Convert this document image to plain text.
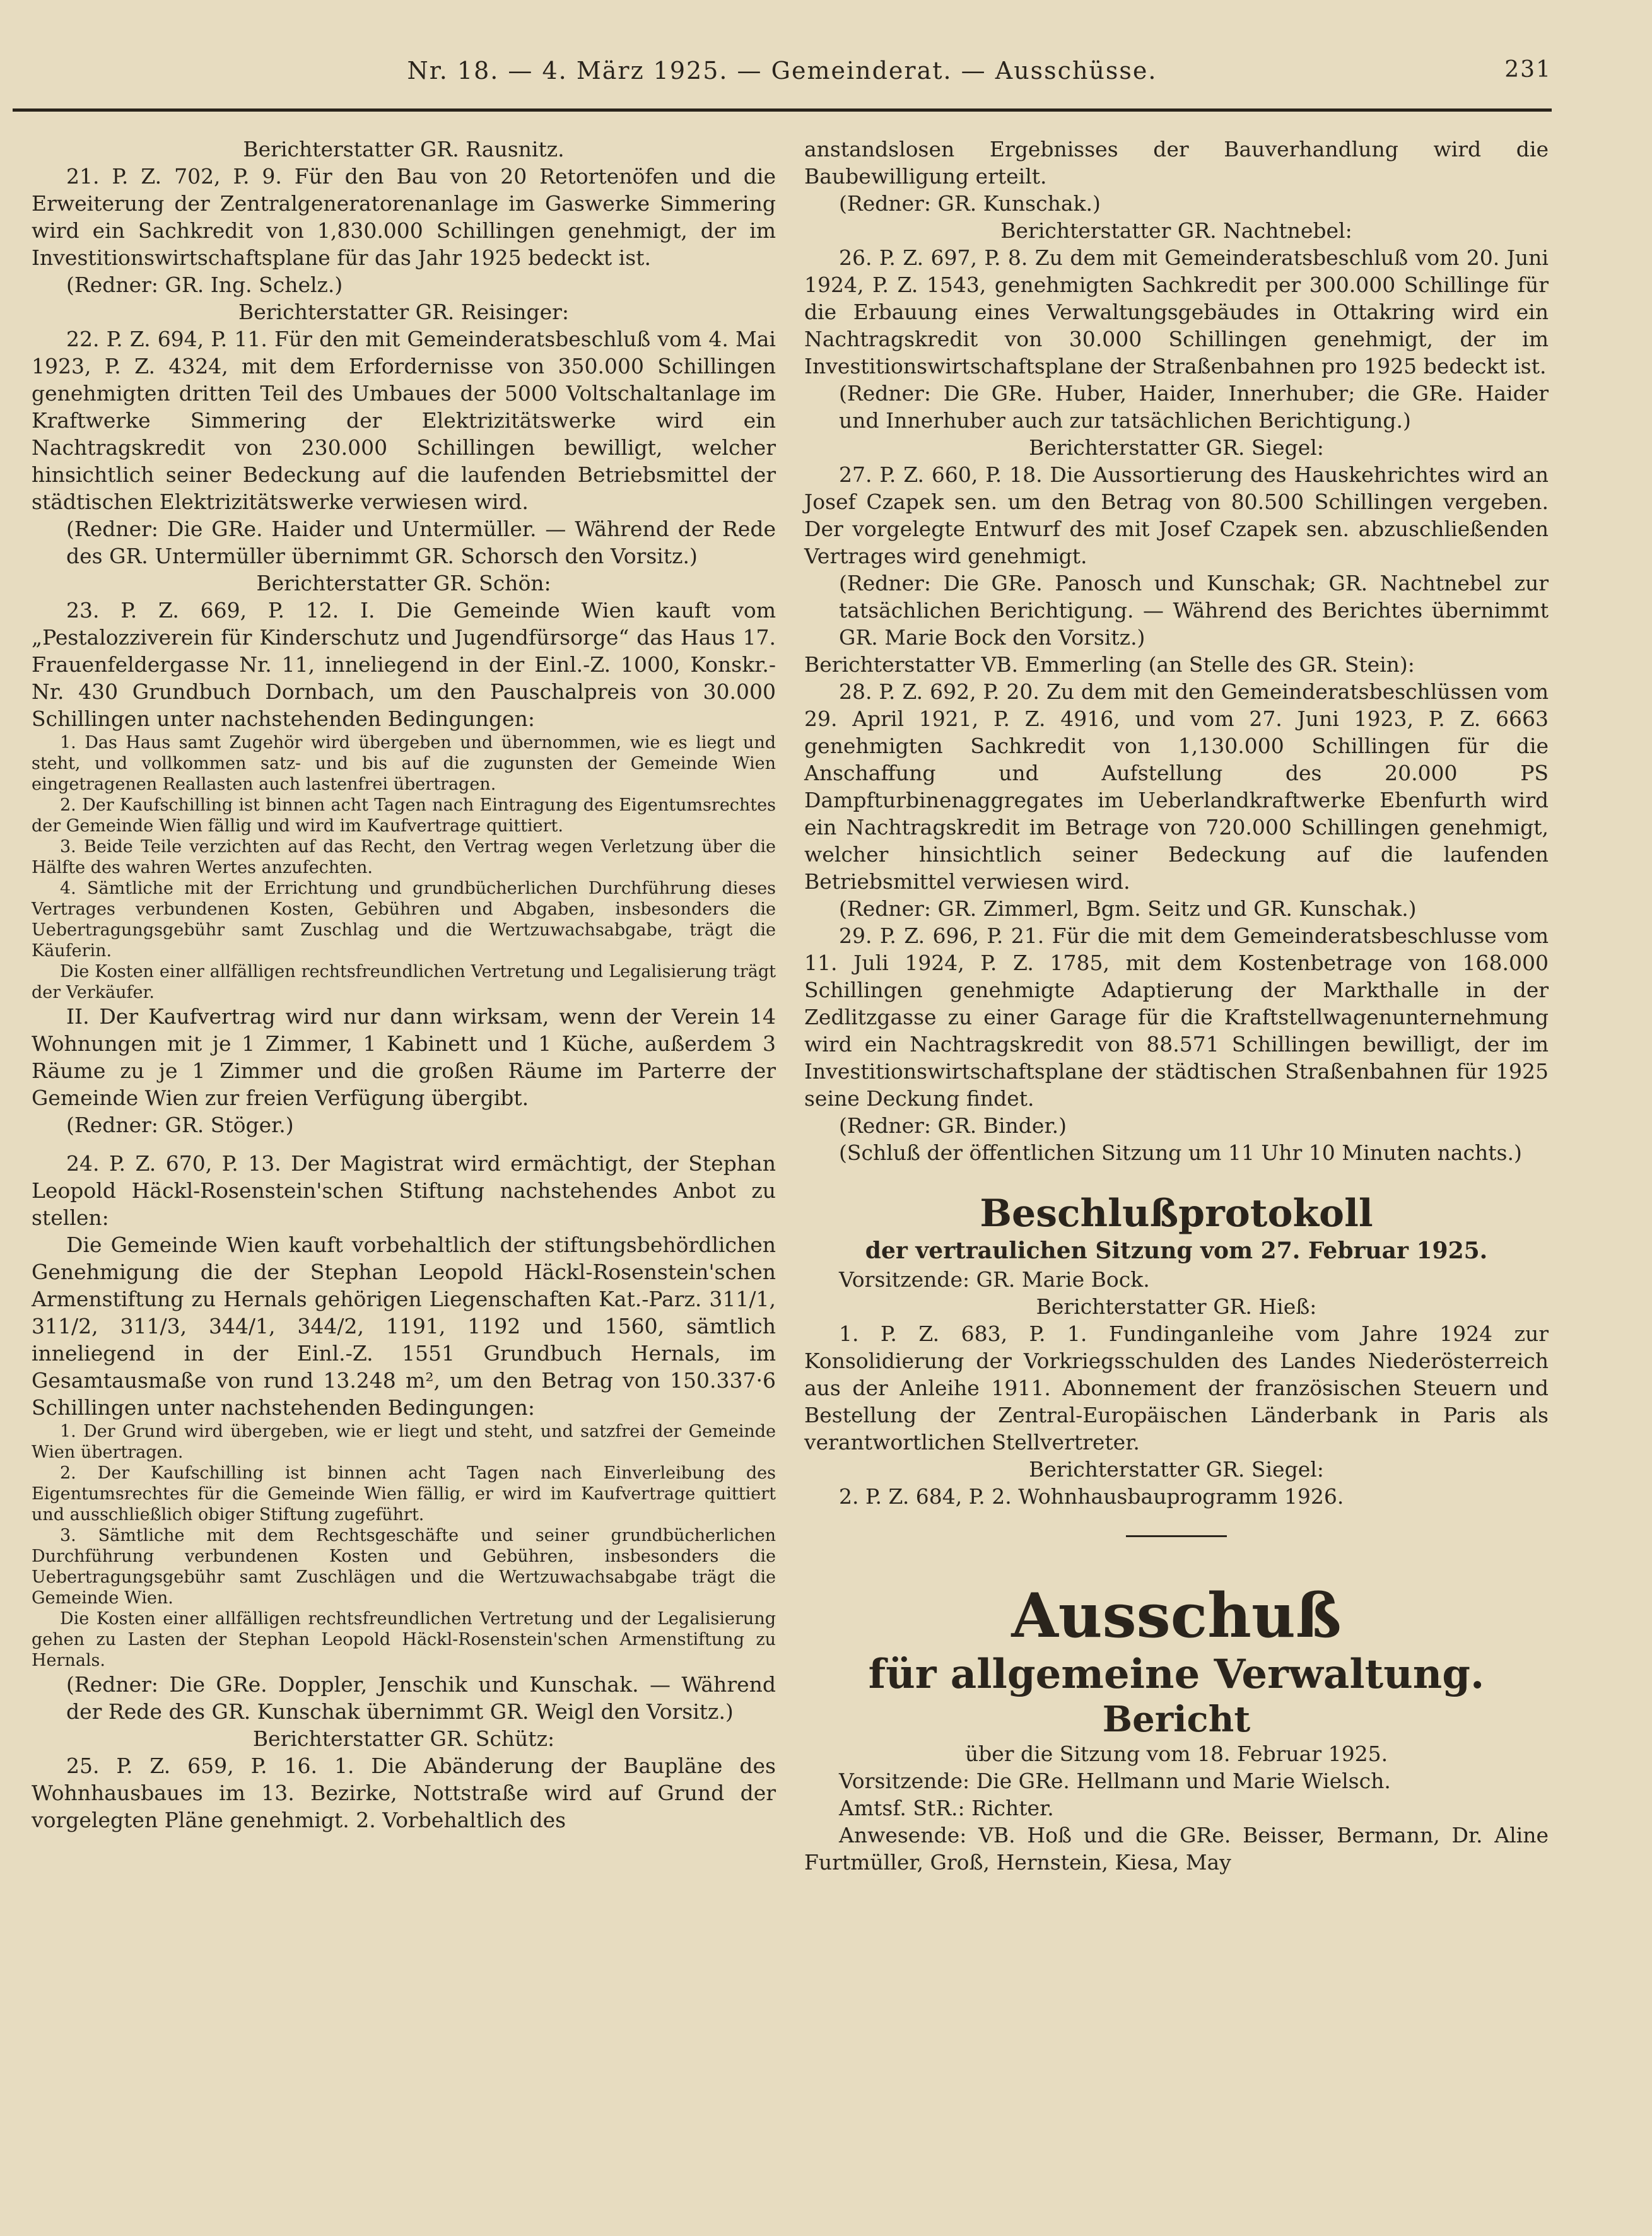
Nr. 18. — 4. März 1925. — Gemeinderat. — Ausschüsse.	231

Berichterstatter GR. Rausnitz.

21. P. Z. 702, P. 9. Für den Bau von 20 Retortenöfen und die Erweiterung der Zentralgeneratorenanlage im Gaswerke Simmering wird ein Sachkredit von 1,830.000 Schillingen genehmigt, der im Investitionswirtschaftsplane für das Jahr 1925 bedeckt ist.

(Redner: GR. Ing. Schelz.)

Berichterstatter GR. Reisinger:

22. P. Z. 694, P. 11. Für den mit Gemeinderatsbeschluß vom 4. Mai 1923, P. Z. 4324, mit dem Erfordernisse von 350.000 Schillingen genehmigten dritten Teil des Umbaues der 5000 Voltschaltanlage im Kraftwerke Simmering der Elektrizitätswerke wird ein Nachtragskredit von 230.000 Schillingen bewilligt, welcher hinsichtlich seiner Bedeckung auf die laufenden Betriebsmittel der städtischen Elektrizitätswerke verwiesen wird.

(Redner: Die GRe. Haider und Untermüller. — Während der Rede des GR. Untermüller übernimmt GR. Schorsch den Vorsitz.)

Berichterstatter GR. Schön:

23. P. Z. 669, P. 12. I. Die Gemeinde Wien kauft vom „Pestalozziverein für Kinderschutz und Jugendfürsorge“ das Haus 17. Frauenfeldergasse Nr. 11, inneliegend in der Einl.-Z. 1000, Konskr.-Nr. 430 Grundbuch Dornbach, um den Pauschalpreis von 30.000 Schillingen unter nachstehenden Bedingungen:

1. Das Haus samt Zugehör wird übergeben und übernommen, wie es liegt und steht, und vollkommen satz- und bis auf die zugunsten der Gemeinde Wien eingetragenen Reallasten auch lastenfrei übertragen.

2. Der Kaufschilling ist binnen acht Tagen nach Eintragung des Eigentumsrechtes der Gemeinde Wien fällig und wird im Kaufvertrage quittiert.

3. Beide Teile verzichten auf das Recht, den Vertrag wegen Verletzung über die Hälfte des wahren Wertes anzufechten.

4. Sämtliche mit der Errichtung und grundbücherlichen Durchführung dieses Vertrages verbundenen Kosten, Gebühren und Abgaben, insbesonders die Uebertragungsgebühr samt Zuschlag und die Wertzuwachsabgabe, trägt die Käuferin.

Die Kosten einer allfälligen rechtsfreundlichen Vertretung und Legalisierung trägt der Verkäufer.

II. Der Kaufvertrag wird nur dann wirksam, wenn der Verein 14 Wohnungen mit je 1 Zimmer, 1 Kabinett und 1 Küche, außerdem 3 Räume zu je 1 Zimmer und die großen Räume im Parterre der Gemeinde Wien zur freien Verfügung übergibt.

(Redner: GR. Stöger.)

24. P. Z. 670, P. 13. Der Magistrat wird ermächtigt, der Stephan Leopold Häckl-Rosenstein'schen Stiftung nachstehendes Anbot zu stellen:

Die Gemeinde Wien kauft vorbehaltlich der stiftungsbehördlichen Genehmigung die der Stephan Leopold Häckl-Rosenstein'schen Armenstiftung zu Hernals gehörigen Liegenschaften Kat.-Parz. 311/1, 311/2, 311/3, 344/1, 344/2, 1191, 1192 und 1560, sämtlich inneliegend in der Einl.-Z. 1551 Grundbuch Hernals, im Gesamtausmaße von rund 13.248 m², um den Betrag von 150.337·6 Schillingen unter nachstehenden Bedingungen:

1. Der Grund wird übergeben, wie er liegt und steht, und satzfrei der Gemeinde Wien übertragen.

2. Der Kaufschilling ist binnen acht Tagen nach Einverleibung des Eigentumsrechtes für die Gemeinde Wien fällig, er wird im Kaufvertrage quittiert und ausschließlich obiger Stiftung zugeführt.

3. Sämtliche mit dem Rechtsgeschäfte und seiner grundbücherlichen Durchführung verbundenen Kosten und Gebühren, insbesonders die Uebertragungsgebühr samt Zuschlägen und die Wertzuwachsabgabe trägt die Gemeinde Wien.

Die Kosten einer allfälligen rechtsfreundlichen Vertretung und der Legalisierung gehen zu Lasten der Stephan Leopold Häckl-Rosenstein'schen Armenstiftung zu Hernals.

(Redner: Die GRe. Doppler, Jenschik und Kunschak. — Während der Rede des GR. Kunschak übernimmt GR. Weigl den Vorsitz.)

Berichterstatter GR. Schütz:

25. P. Z. 659, P. 16. 1. Die Abänderung der Baupläne des Wohnhausbaues im 13. Bezirke, Nottstraße wird auf Grund der vorgelegten Pläne genehmigt. 2. Vorbehaltlich des

anstandslosen Ergebnisses der Bauverhandlung wird die Baubewilligung erteilt.

(Redner: GR. Kunschak.)

Berichterstatter GR. Nachtnebel:

26. P. Z. 697, P. 8. Zu dem mit Gemeinderatsbeschluß vom 20. Juni 1924, P. Z. 1543, genehmigten Sachkredit per 300.000 Schillinge für die Erbauung eines Verwaltungsgebäudes in Ottakring wird ein Nachtragskredit von 30.000 Schillingen genehmigt, der im Investitionswirtschaftsplane der Straßenbahnen pro 1925 bedeckt ist.

(Redner: Die GRe. Huber, Haider, Innerhuber; die GRe. Haider und Innerhuber auch zur tatsächlichen Berichtigung.)

Berichterstatter GR. Siegel:

27. P. Z. 660, P. 18. Die Aussortierung des Hauskehrichtes wird an Josef Czapek sen. um den Betrag von 80.500 Schillingen vergeben. Der vorgelegte Entwurf des mit Josef Czapek sen. abzuschließenden Vertrages wird genehmigt.

(Redner: Die GRe. Panosch und Kunschak; GR. Nachtnebel zur tatsächlichen Berichtigung. — Während des Berichtes übernimmt GR. Marie Bock den Vorsitz.)

Berichterstatter VB. Emmerling (an Stelle des GR. Stein):

28. P. Z. 692, P. 20. Zu dem mit den Gemeinderatsbeschlüssen vom 29. April 1921, P. Z. 4916, und vom 27. Juni 1923, P. Z. 6663 genehmigten Sachkredit von 1,130.000 Schillingen für die Anschaffung und Aufstellung des 20.000 PS Dampfturbinenaggregates im Ueberlandkraftwerke Ebenfurth wird ein Nachtragskredit im Betrage von 720.000 Schillingen genehmigt, welcher hinsichtlich seiner Bedeckung auf die laufenden Betriebsmittel verwiesen wird.

(Redner: GR. Zimmerl, Bgm. Seitz und GR. Kunschak.)

29. P. Z. 696, P. 21. Für die mit dem Gemeinderatsbeschlusse vom 11. Juli 1924, P. Z. 1785, mit dem Kostenbetrage von 168.000 Schillingen genehmigte Adaptierung der Markthalle in der Zedlitzgasse zu einer Garage für die Kraftstellwagenunternehmung wird ein Nachtragskredit von 88.571 Schillingen bewilligt, der im Investitionswirtschaftsplane der städtischen Straßenbahnen für 1925 seine Deckung findet.

(Redner: GR. Binder.)

(Schluß der öffentlichen Sitzung um 11 Uhr 10 Minuten nachts.)

Beschlußprotokoll
der vertraulichen Sitzung vom 27. Februar 1925.

Vorsitzende: GR. Marie Bock.

Berichterstatter GR. Hieß:

1. P. Z. 683, P. 1. Fundinganleihe vom Jahre 1924 zur Konsolidierung der Vorkriegsschulden des Landes Niederösterreich aus der Anleihe 1911. Abonnement der französischen Steuern und Bestellung der Zentral-Europäischen Länderbank in Paris als verantwortlichen Stellvertreter.

Berichterstatter GR. Siegel:

2. P. Z. 684, P. 2. Wohnhausbauprogramm 1926.

Ausschuß
für allgemeine Verwaltung.
Bericht

über die Sitzung vom 18. Februar 1925.

Vorsitzende: Die GRe. Hellmann und Marie Wielsch.

Amtsf. StR.: Richter.

Anwesende: VB. Hoß und die GRe. Beisser, Bermann, Dr. Aline Furtmüller, Groß, Hernstein, Kiesa, May
